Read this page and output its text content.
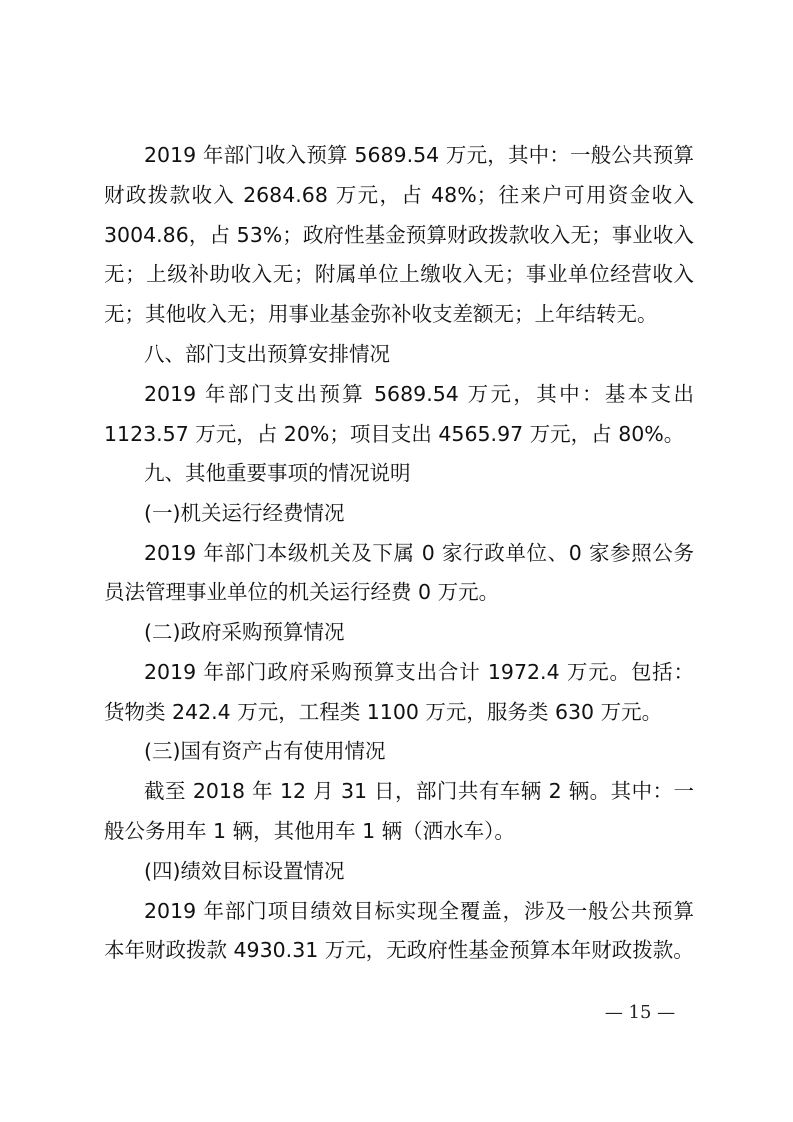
2019 年部门收入预算 5689.54 万元，其中：一般公共预算
财政拨款收入 2684.68 万元，占 48%；往来户可用资金收入
3004.86，占 53%；政府性基金预算财政拨款收入无；事业收入
无；上级补助收入无；附属单位上缴收入无；事业单位经营收入
无；其他收入无；用事业基金弥补收支差额无；上年结转无。
八、部门支出预算安排情况
2019 年部门支出预算 5689.54 万元，其中：基本支出
1123.57 万元，占 20%；项目支出 4565.97 万元，占 80%。
九、其他重要事项的情况说明
(一)机关运行经费情况
2019 年部门本级机关及下属 0 家行政单位、0 家参照公务
员法管理事业单位的机关运行经费 0 万元。
(二)政府采购预算情况
2019 年部门政府采购预算支出合计 1972.4 万元。包括：
货物类 242.4 万元，工程类 1100 万元，服务类 630 万元。
(三)国有资产占有使用情况
截至 2018 年 12 月 31 日，部门共有车辆 2 辆。其中：一
般公务用车 1 辆，其他用车 1 辆（洒水车）。
(四)绩效目标设置情况
2019 年部门项目绩效目标实现全覆盖，涉及一般公共预算
本年财政拨款 4930.31 万元，无政府性基金预算本年财政拨款。
— 15 —
